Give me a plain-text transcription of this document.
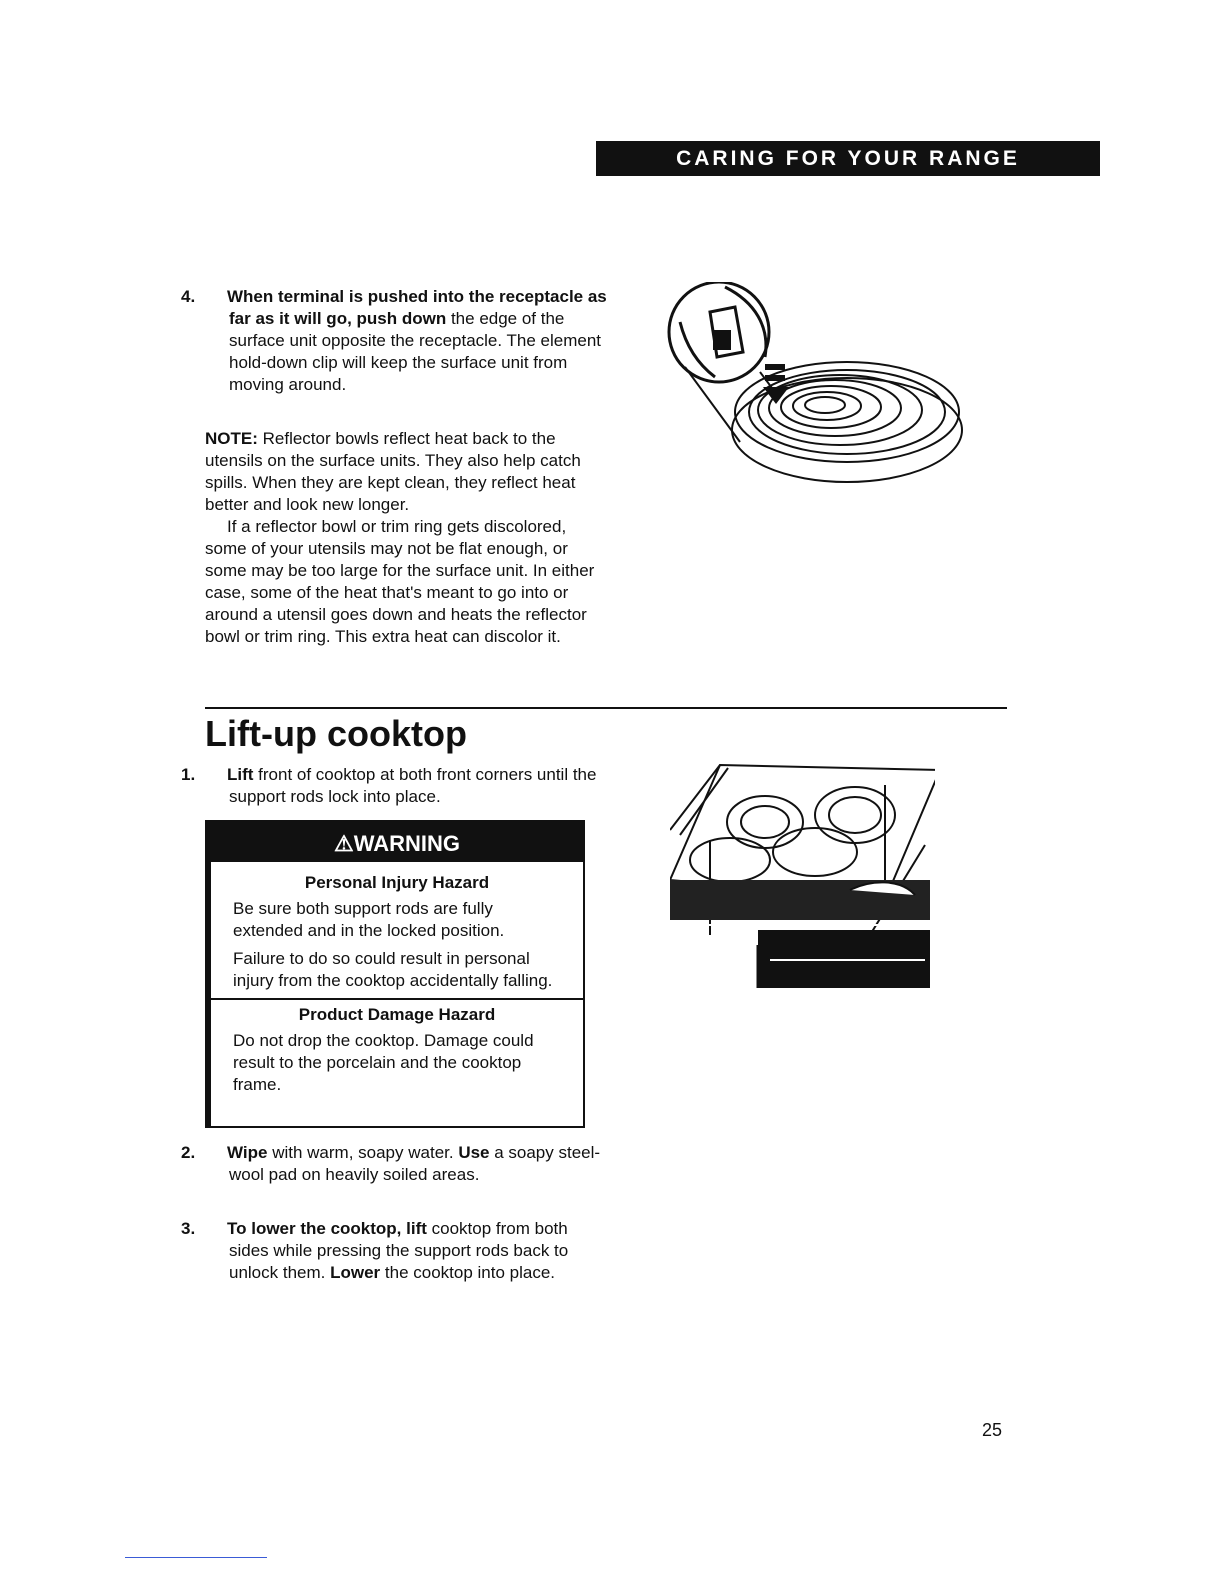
CARING FOR YOUR RANGE
4. When terminal is pushed into the receptacle as far as it will go, push down the edge of the surface unit opposite the receptacle. The element hold-down clip will keep the surface unit from moving around.

NOTE: Reflector bowls reflect heat back to the utensils on the surface units. They also help catch spills. When they are kept clean, they reflect heat better and look new longer.

If a reflector bowl or trim ring gets discolored, some of your utensils may not be flat enough, or some may be too large for the surface unit. In either case, some of the heat that's meant to go into or around a utensil goes down and heats the reflector bowl or trim ring. This extra heat can discolor it.

Lift-up cooktop
1. Lift front of cooktop at both front corners until the support rods lock into place.
⚠WARNING
Personal Injury Hazard

Be sure both support rods are fully extended and in the locked position.

Failure to do so could result in personal injury from the cooktop accidentally falling.

Product Damage Hazard

Do not drop the cooktop. Damage could result to the porcelain and the cooktop frame.

2. Wipe with warm, soapy water. Use a soapy steel-wool pad on heavily soiled areas.
3. To lower the cooktop, lift cooktop from both sides while pressing the support rods back to unlock them. Lower the cooktop into place.
25
